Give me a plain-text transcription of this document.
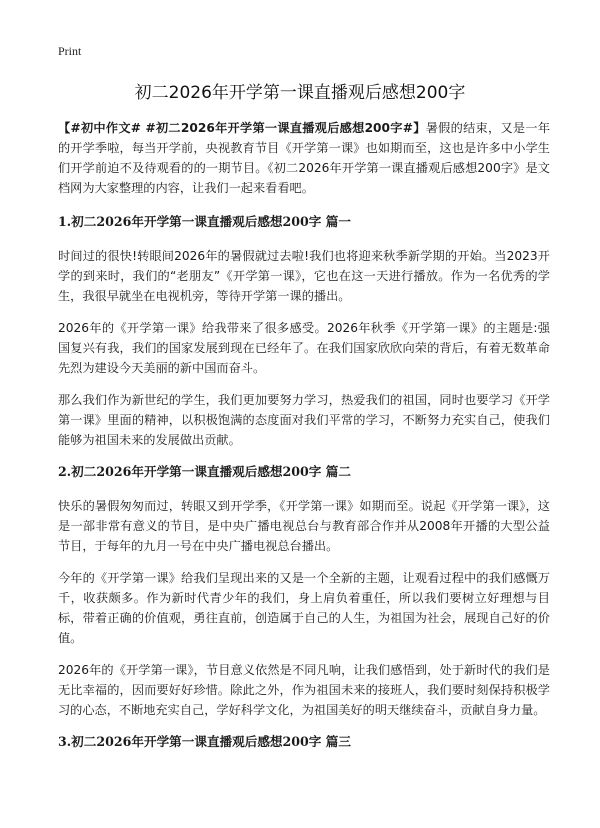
Print
初二2026年开学第一课直播观后感想200字

【#初中作文# #初二2026年开学第一课直播观后感想200字#】暑假的结束，又是一年的开学季啦，每当开学前，央视教育节目《开学第一课》也如期而至，这也是许多中小学生们开学前迫不及待观看的的一期节目。《初二2026年开学第一课直播观后感想200字》是文档网为大家整理的内容，让我们一起来看看吧。

1.初二2026年开学第一课直播观后感想200字 篇一

时间过的很快!转眼间2026年的暑假就过去啦!我们也将迎来秋季新学期的开始。当2023开学的到来时，我们的“老朋友”《开学第一课》，它也在这一天进行播放。作为一名优秀的学生，我很早就坐在电视机旁，等待开学第一课的播出。

2026年的《开学第一课》给我带来了很多感受。2026年秋季《开学第一课》的主题是:强国复兴有我，我们的国家发展到现在已经年了。在我们国家欣欣向荣的背后，有着无数革命先烈为建设今天美丽的新中国而奋斗。

那么我们作为新世纪的学生，我们更加要努力学习，热爱我们的祖国，同时也要学习《开学第一课》里面的精神，以积极饱满的态度面对我们平常的学习，不断努力充实自己，使我们能够为祖国未来的发展做出贡献。

2.初二2026年开学第一课直播观后感想200字 篇二

快乐的暑假匆匆而过，转眼又到开学季，《开学第一课》如期而至。说起《开学第一课》，这是一部非常有意义的节目，是中央广播电视总台与教育部合作并从2008年开播的大型公益节目，于每年的九月一号在中央广播电视总台播出。

今年的《开学第一课》给我们呈现出来的又是一个全新的主题，让观看过程中的我们感慨万千，收获颇多。作为新时代青少年的我们，身上肩负着重任，所以我们要树立好理想与目标，带着正确的价值观，勇往直前，创造属于自己的人生，为祖国为社会，展现自己好的价值。

2026年的《开学第一课》，节目意义依然是不同凡响，让我们感悟到，处于新时代的我们是无比幸福的，因而要好好珍惜。除此之外，作为祖国未来的接班人，我们要时刻保持积极学习的心态，不断地充实自己，学好科学文化，为祖国美好的明天继续奋斗，贡献自身力量。

3.初二2026年开学第一课直播观后感想200字 篇三
